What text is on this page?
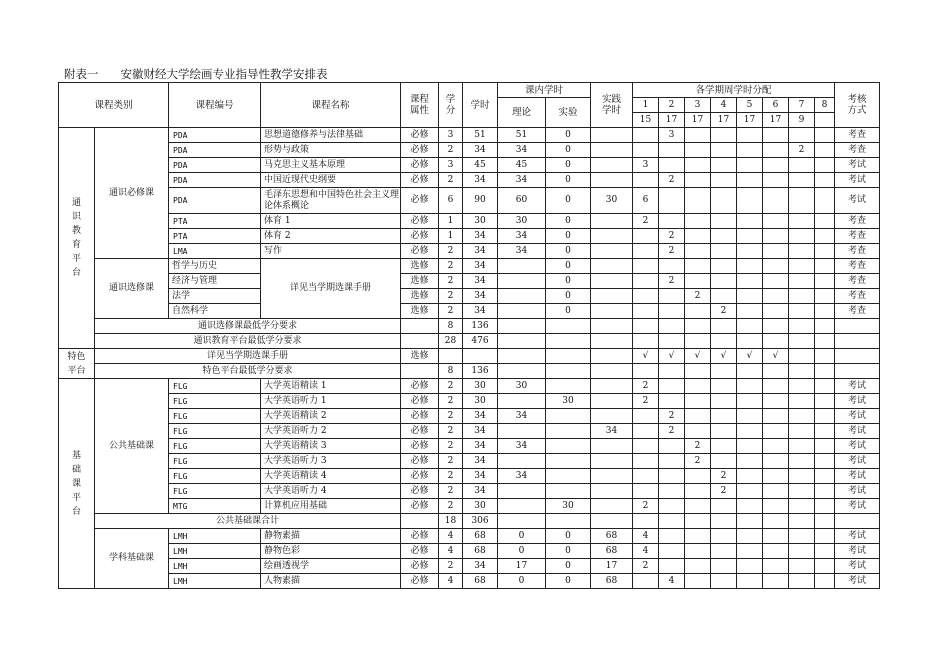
附表一 安徽财经大学绘画专业指导性教学安排表
课程类别		课程编号	课程名称	课程属性	学分	学时	课内学时		实践学时	各学期周学时分配								考核方式
							理论	实验		1	2	3	4	5	6	7	8	
										15	17	17	17	17	17	9		
通识教育平台	通识必修课	PDA	思想道德修养与法律基础	必修	3	51	51	0			3							考查
		PDA	形势与政策	必修	2	34	34	0								2		考查
		PDA	马克思主义基本原理	必修	3	45	45	0		3								考试
		PDA	中国近现代史纲要	必修	2	34	34	0			2							考试
		PDA	毛泽东思想和中国特色社会主义理论体系概论	必修	6	90	60	0	30	6								考试
		PTA	体育 1	必修	1	30	30	0		2								考查
		PTA	体育 2	必修	1	34	34	0			2							考查
		LMA	写作	必修	2	34	34	0			2							考查
	通识选修课	哲学与历史	详见当学期选课手册	选修	2	34		0										考查
		经济与管理		选修	2	34		0			2							考查
		法学		选修	2	34		0				2						考查
		自然科学		选修	2	34		0					2					考查
	通识选修课最低学分要求				8	136												
	通识教育平台最低学分要求				28	476												
特色平台	详见当学期选课手册			选修						√	√	√	√	√	√			
	特色平台最低学分要求				8	136												
基础课平台	公共基础课	FLG	大学英语精读 1	必修	2	30	30			2								考试
		FLG	大学英语听力 1	必修	2	30		30		2								考试
		FLG	大学英语精读 2	必修	2	34	34				2							考试
		FLG	大学英语听力 2	必修	2	34			34		2							考试
		FLG	大学英语精读 3	必修	2	34	34					2						考试
		FLG	大学英语听力 3	必修	2	34						2						考试
		FLG	大学英语精读 4	必修	2	34	34						2					考试
		FLG	大学英语听力 4	必修	2	34							2					考试
		MTG	计算机应用基础	必修	2	30		30		2								考试
	公共基础课合计				18	306												
	学科基础课	LMH	静物素描	必修	4	68	0	0	68	4								考试
		LMH	静物色彩	必修	4	68	0	0	68	4								考试
		LMH	绘画透视学	必修	2	34	17	0	17	2								考试
		LMH	人物素描	必修	4	68	0	0	68		4							考试
